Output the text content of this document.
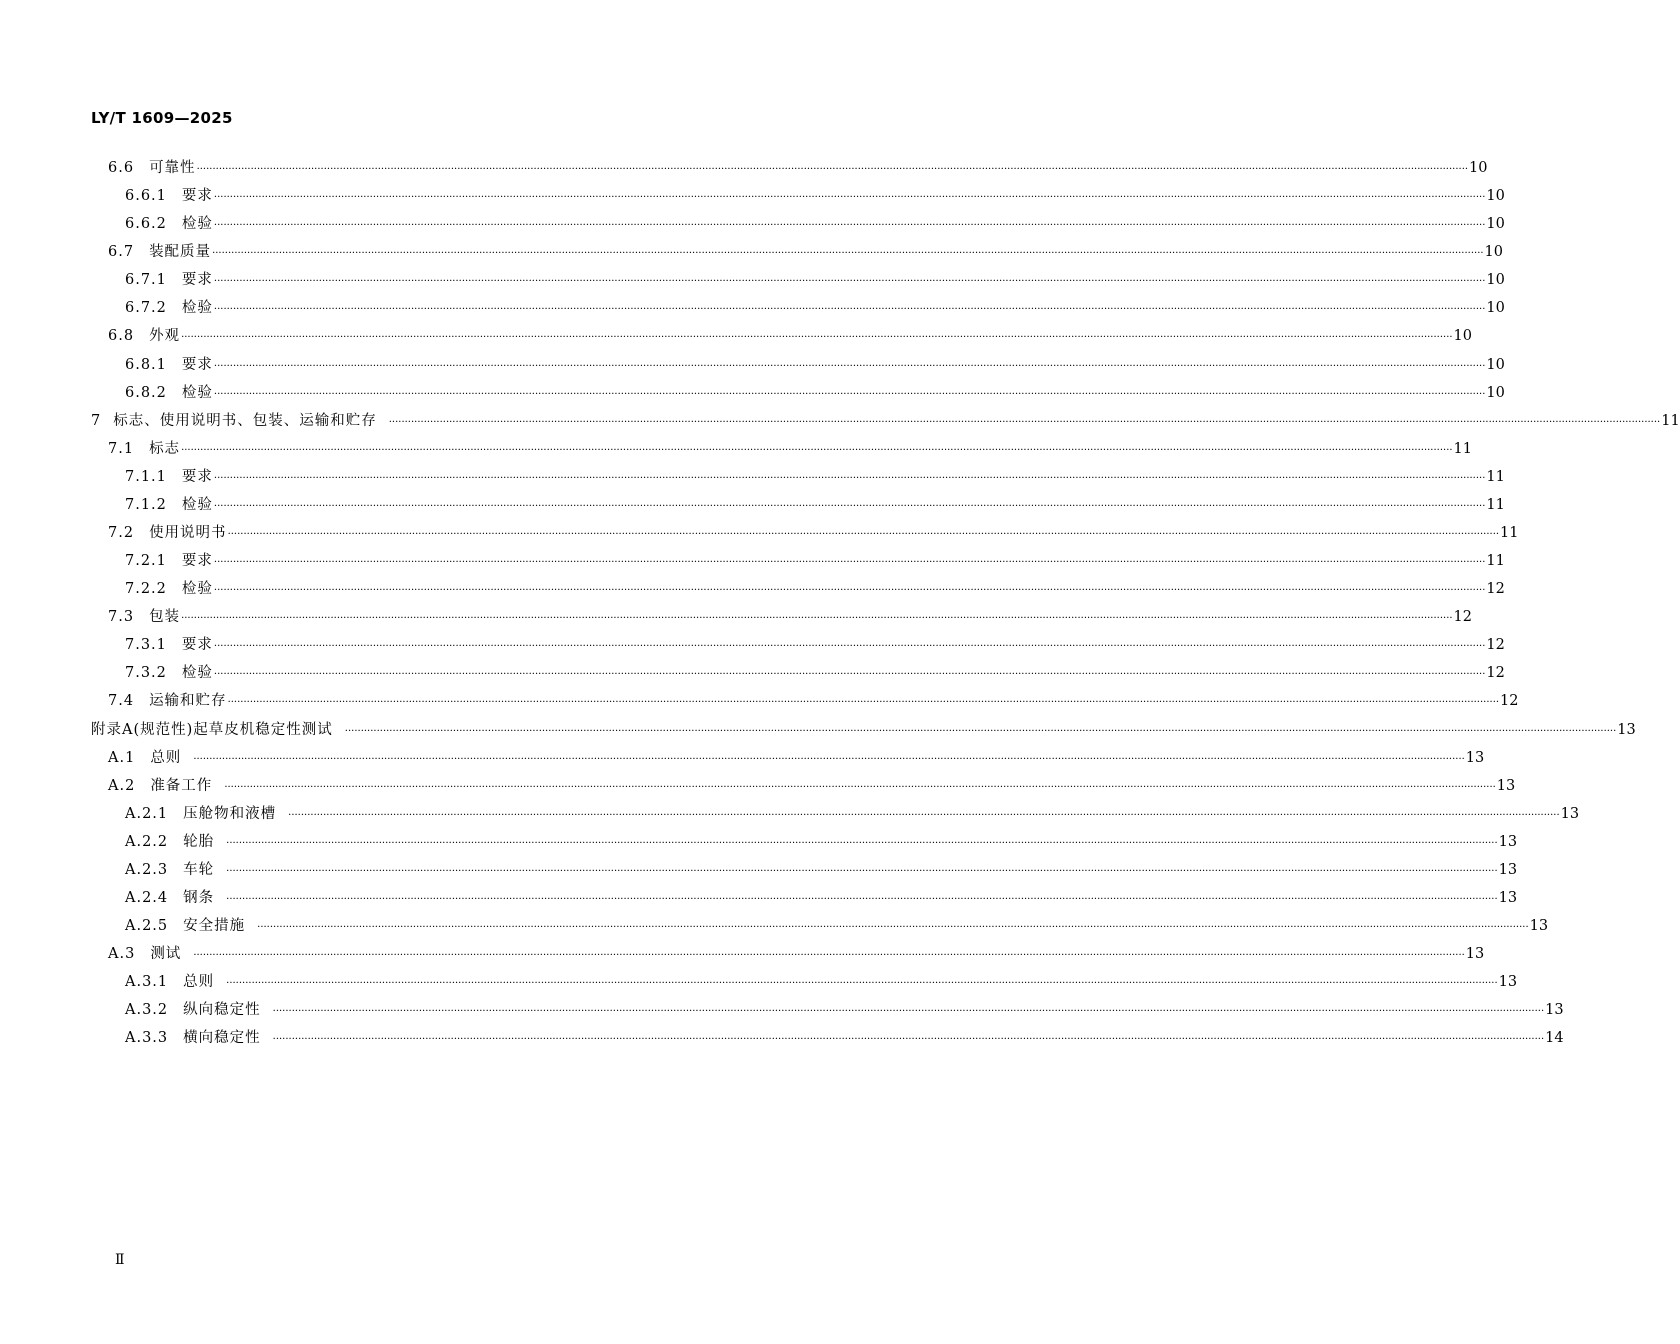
LY/T 1609—2025
6.6 可靠性 ················································································································································································································································································································································································································ 10
6.6.1 要求 ················································································································································································································································································································································································································ 10
6.6.2 检验 ················································································································································································································································································································································································································ 10
6.7 装配质量 ················································································································································································································································································································································································································ 10
6.7.1 要求 ················································································································································································································································································································································································································ 10
6.7.2 检验 ················································································································································································································································································································································································································ 10
6.8 外观 ················································································································································································································································································································································································································ 10
6.8.1 要求 ················································································································································································································································································································································································································ 10
6.8.2 检验 ················································································································································································································································································································································································································ 10
7 标志、使用说明书、包装、运输和贮存 ················································································································································································································································································································································································································ 11
7.1 标志 ················································································································································································································································································································································································································ 11
7.1.1 要求 ················································································································································································································································································································································································································ 11
7.1.2 检验 ················································································································································································································································································································································································································ 11
7.2 使用说明书 ················································································································································································································································································································································································································ 11
7.2.1 要求 ················································································································································································································································································································································································································ 11
7.2.2 检验 ················································································································································································································································································································································································································ 12
7.3 包装 ················································································································································································································································································································································································································ 12
7.3.1 要求 ················································································································································································································································································································································································································ 12
7.3.2 检验 ················································································································································································································································································································································································································ 12
7.4 运输和贮存 ················································································································································································································································································································································································································ 12
附录A(规范性) 起草皮机稳定性测试 ················································································································································································································································································································································································································ 13
A.1 总则 ················································································································································································································································································································································································································ 13
A.2 准备工作 ················································································································································································································································································································································································································ 13
A.2.1 压舱物和液槽 ················································································································································································································································································································································································································ 13
A.2.2 轮胎 ················································································································································································································································································································································································································ 13
A.2.3 车轮 ················································································································································································································································································································································································································ 13
A.2.4 钢条 ················································································································································································································································································································································································································ 13
A.2.5 安全措施 ················································································································································································································································································································································································································ 13
A.3 测试 ················································································································································································································································································································································································································ 13
A.3.1 总则 ················································································································································································································································································································································································································ 13
A.3.2 纵向稳定性 ················································································································································································································································································································································································································ 13
A.3.3 横向稳定性 ················································································································································································································································································································································································································ 14
Ⅱ
